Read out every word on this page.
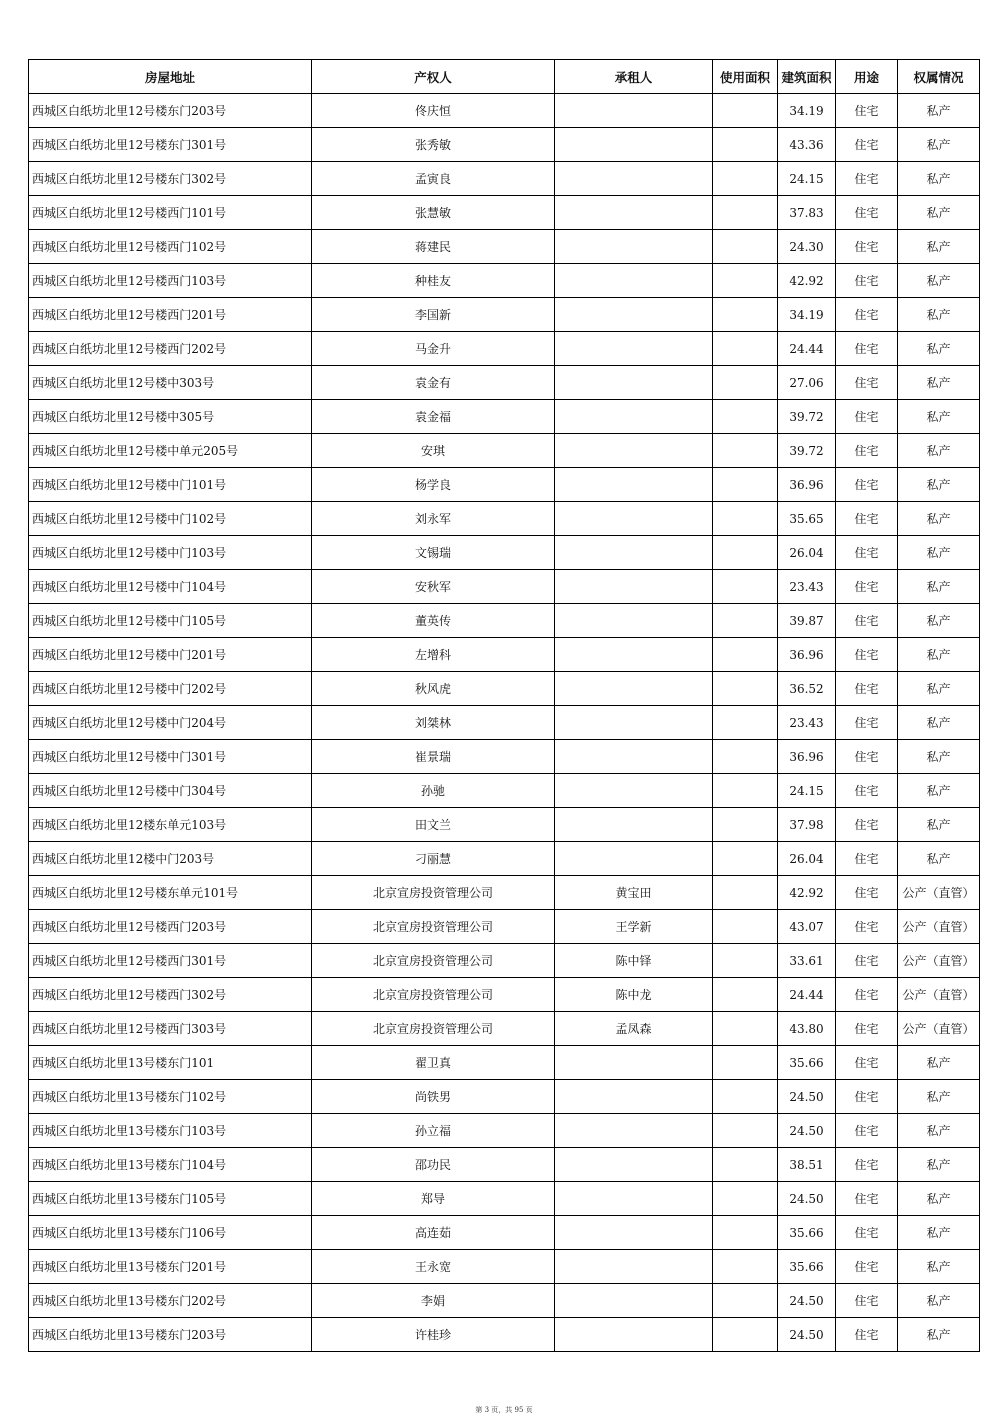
房屋地址	产权人	承租人	使用面积	建筑面积	用途	权属情况
西城区白纸坊北里12号楼东门203号	佟庆恒			34.19	住宅	私产
西城区白纸坊北里12号楼东门301号	张秀敏			43.36	住宅	私产
西城区白纸坊北里12号楼东门302号	孟寅良			24.15	住宅	私产
西城区白纸坊北里12号楼西门101号	张慧敏			37.83	住宅	私产
西城区白纸坊北里12号楼西门102号	蒋建民			24.30	住宅	私产
西城区白纸坊北里12号楼西门103号	种桂友			42.92	住宅	私产
西城区白纸坊北里12号楼西门201号	李国新			34.19	住宅	私产
西城区白纸坊北里12号楼西门202号	马金升			24.44	住宅	私产
西城区白纸坊北里12号楼中303号	袁金有			27.06	住宅	私产
西城区白纸坊北里12号楼中305号	袁金福			39.72	住宅	私产
西城区白纸坊北里12号楼中单元205号	安琪			39.72	住宅	私产
西城区白纸坊北里12号楼中门101号	杨学良			36.96	住宅	私产
西城区白纸坊北里12号楼中门102号	刘永军			35.65	住宅	私产
西城区白纸坊北里12号楼中门103号	文锡瑞			26.04	住宅	私产
西城区白纸坊北里12号楼中门104号	安秋军			23.43	住宅	私产
西城区白纸坊北里12号楼中门105号	董英传			39.87	住宅	私产
西城区白纸坊北里12号楼中门201号	左增科			36.96	住宅	私产
西城区白纸坊北里12号楼中门202号	秋风虎			36.52	住宅	私产
西城区白纸坊北里12号楼中门204号	刘桀林			23.43	住宅	私产
西城区白纸坊北里12号楼中门301号	崔景瑞			36.96	住宅	私产
西城区白纸坊北里12号楼中门304号	孙驰			24.15	住宅	私产
西城区白纸坊北里12楼东单元103号	田文兰			37.98	住宅	私产
西城区白纸坊北里12楼中门203号	刁丽慧			26.04	住宅	私产
西城区白纸坊北里12号楼东单元101号	北京宣房投资管理公司	黄宝田		42.92	住宅	公产（直管）
西城区白纸坊北里12号楼西门203号	北京宣房投资管理公司	王学新		43.07	住宅	公产（直管）
西城区白纸坊北里12号楼西门301号	北京宣房投资管理公司	陈中铎		33.61	住宅	公产（直管）
西城区白纸坊北里12号楼西门302号	北京宣房投资管理公司	陈中龙		24.44	住宅	公产（直管）
西城区白纸坊北里12号楼西门303号	北京宣房投资管理公司	孟凤森		43.80	住宅	公产（直管）
西城区白纸坊北里13号楼东门101	翟卫真			35.66	住宅	私产
西城区白纸坊北里13号楼东门102号	尚铁男			24.50	住宅	私产
西城区白纸坊北里13号楼东门103号	孙立福			24.50	住宅	私产
西城区白纸坊北里13号楼东门104号	邵功民			38.51	住宅	私产
西城区白纸坊北里13号楼东门105号	郑导			24.50	住宅	私产
西城区白纸坊北里13号楼东门106号	高连茹			35.66	住宅	私产
西城区白纸坊北里13号楼东门201号	王永宽			35.66	住宅	私产
西城区白纸坊北里13号楼东门202号	李娟			24.50	住宅	私产
西城区白纸坊北里13号楼东门203号	许桂珍			24.50	住宅	私产
第 3 页，共 95 页
